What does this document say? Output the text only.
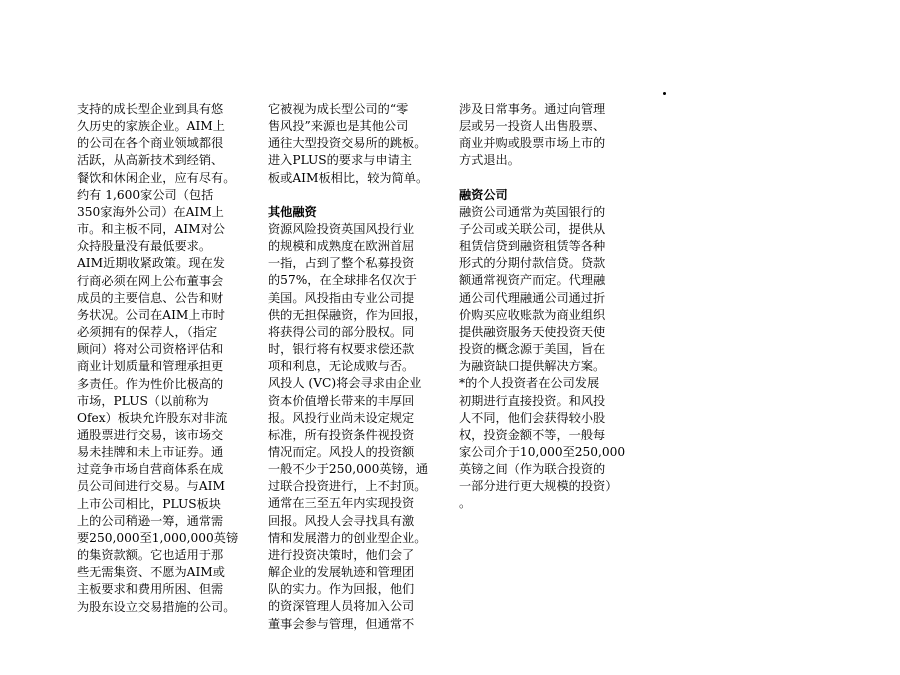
支持的成长型企业到具有悠
久历史的家族企业。AIM上
的公司在各个商业领域都很
活跃，从高新技术到经销、
餐饮和休闲企业，应有尽有。
约有 1,600家公司（包括
350家海外公司）在AIM上
市。和主板不同，AIM对公
众持股量没有最低要求。
AIM近期收紧政策。现在发
行商必须在网上公布董事会
成员的主要信息、公告和财
务状况。公司在AIM上市时
必须拥有的保荐人，（指定
顾问）将对公司资格评估和
商业计划质量和管理承担更
多责任。作为性价比极高的
市场，PLUS（以前称为
Ofex）板块允许股东对非流
通股票进行交易，该市场交
易未挂牌和未上市证券。通
过竞争市场自营商体系在成
员公司间进行交易。与AIM
上市公司相比，PLUS板块
上的公司稍逊一筹，通常需
要250,000至1,000,000英镑
的集资款额。它也适用于那
些无需集资、不愿为AIM或
主板要求和费用所困、但需
为股东设立交易措施的公司。

它被视为成长型公司的“零
售风投”来源也是其他公司
通往大型投资交易所的跳板。
进入PLUS的要求与申请主
板或AIM板相比，较为简单。

其他融资

资源风险投资英国风投行业
的规模和成熟度在欧洲首屈
一指，占到了整个私募投资
的57%，在全球排名仅次于
美国。风投指由专业公司提
供的无担保融资，作为回报，
将获得公司的部分股权。同
时，银行将有权要求偿还款
项和利息，无论成败与否。
风投人 (VC)将会寻求由企业
资本价值增长带来的丰厚回
报。风投行业尚未设定规定
标准，所有投资条件视投资
情况而定。风投人的投资额
一般不少于250,000英镑，通
过联合投资进行，上不封顶。
通常在三至五年内实现投资
回报。风投人会寻找具有激
情和发展潜力的创业型企业。
进行投资决策时，他们会了
解企业的发展轨迹和管理团
队的实力。作为回报，他们
的资深管理人员将加入公司
董事会参与管理，但通常不

涉及日常事务。通过向管理
层或另一投资人出售股票、
商业并购或股票市场上市的
方式退出。

融资公司

融资公司通常为英国银行的
子公司或关联公司，提供从
租赁信贷到融资租赁等各种
形式的分期付款信贷。贷款
额通常视资产而定。代理融
通公司代理融通公司通过折
价购买应收账款为商业组织
提供融资服务天使投资天使
投资的概念源于美国，旨在
为融资缺口提供解决方案。
*的个人投资者在公司发展
初期进行直接投资。和风投
人不同，他们会获得较小股
权，投资金额不等，一般每
家公司介于10,000至250,000
英镑之间（作为联合投资的
一部分进行更大规模的投资）
。
